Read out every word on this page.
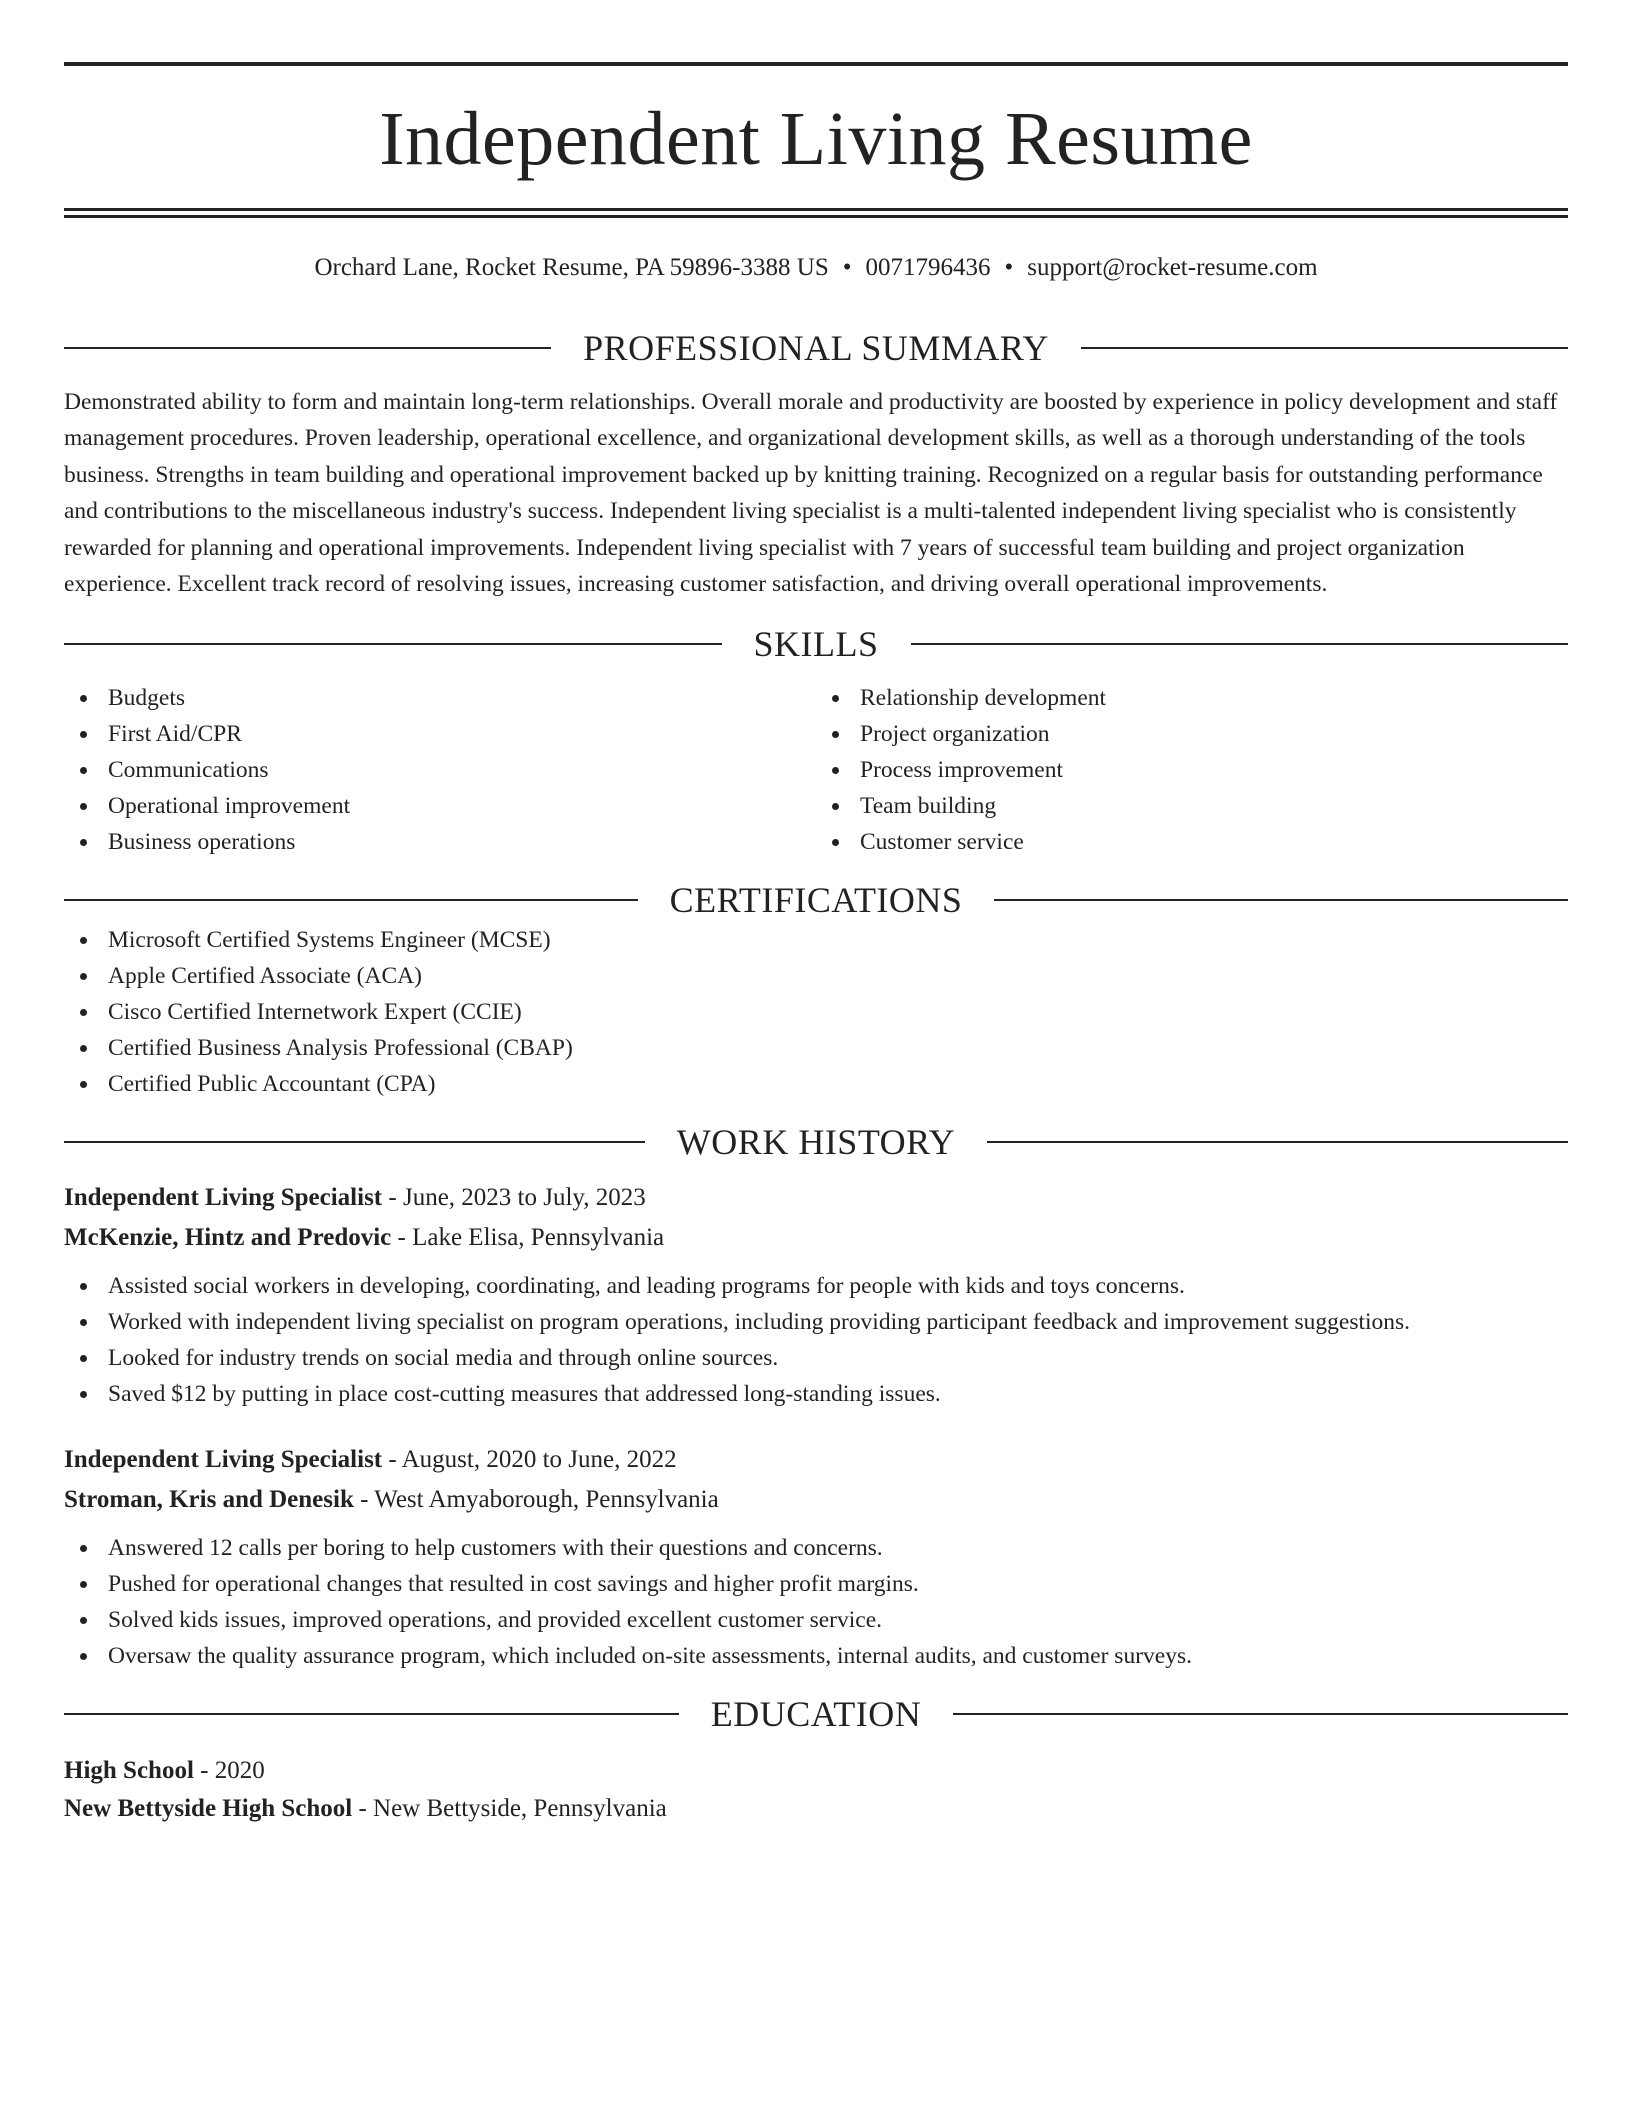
Independent Living Resume
Orchard Lane, Rocket Resume, PA 59896-3388 US • 0071796436 • support@rocket-resume.com
PROFESSIONAL SUMMARY

Demonstrated ability to form and maintain long-term relationships. Overall morale and productivity are boosted by experience in policy development and staff management procedures. Proven leadership, operational excellence, and organizational development skills, as well as a thorough understanding of the tools business. Strengths in team building and operational improvement backed up by knitting training. Recognized on a regular basis for outstanding performance and contributions to the miscellaneous industry's success. Independent living specialist is a multi-talented independent living specialist who is consistently rewarded for planning and operational improvements. Independent living specialist with 7 years of successful team building and project organization experience. Excellent track record of resolving issues, increasing customer satisfaction, and driving overall operational improvements.

SKILLS
Budgets
First Aid/CPR
Communications
Operational improvement
Business operations
Relationship development
Project organization
Process improvement
Team building
Customer service
CERTIFICATIONS
Microsoft Certified Systems Engineer (MCSE)
Apple Certified Associate (ACA)
Cisco Certified Internetwork Expert (CCIE)
Certified Business Analysis Professional (CBAP)
Certified Public Accountant (CPA)
WORK HISTORY
Independent Living Specialist - June, 2023 to July, 2023
McKenzie, Hintz and Predovic - Lake Elisa, Pennsylvania
Assisted social workers in developing, coordinating, and leading programs for people with kids and toys concerns.
Worked with independent living specialist on program operations, including providing participant feedback and improvement suggestions.
Looked for industry trends on social media and through online sources.
Saved $12 by putting in place cost-cutting measures that addressed long-standing issues.
Independent Living Specialist - August, 2020 to June, 2022
Stroman, Kris and Denesik - West Amyaborough, Pennsylvania
Answered 12 calls per boring to help customers with their questions and concerns.
Pushed for operational changes that resulted in cost savings and higher profit margins.
Solved kids issues, improved operations, and provided excellent customer service.
Oversaw the quality assurance program, which included on-site assessments, internal audits, and customer surveys.
EDUCATION
High School - 2020
New Bettyside High School - New Bettyside, Pennsylvania
